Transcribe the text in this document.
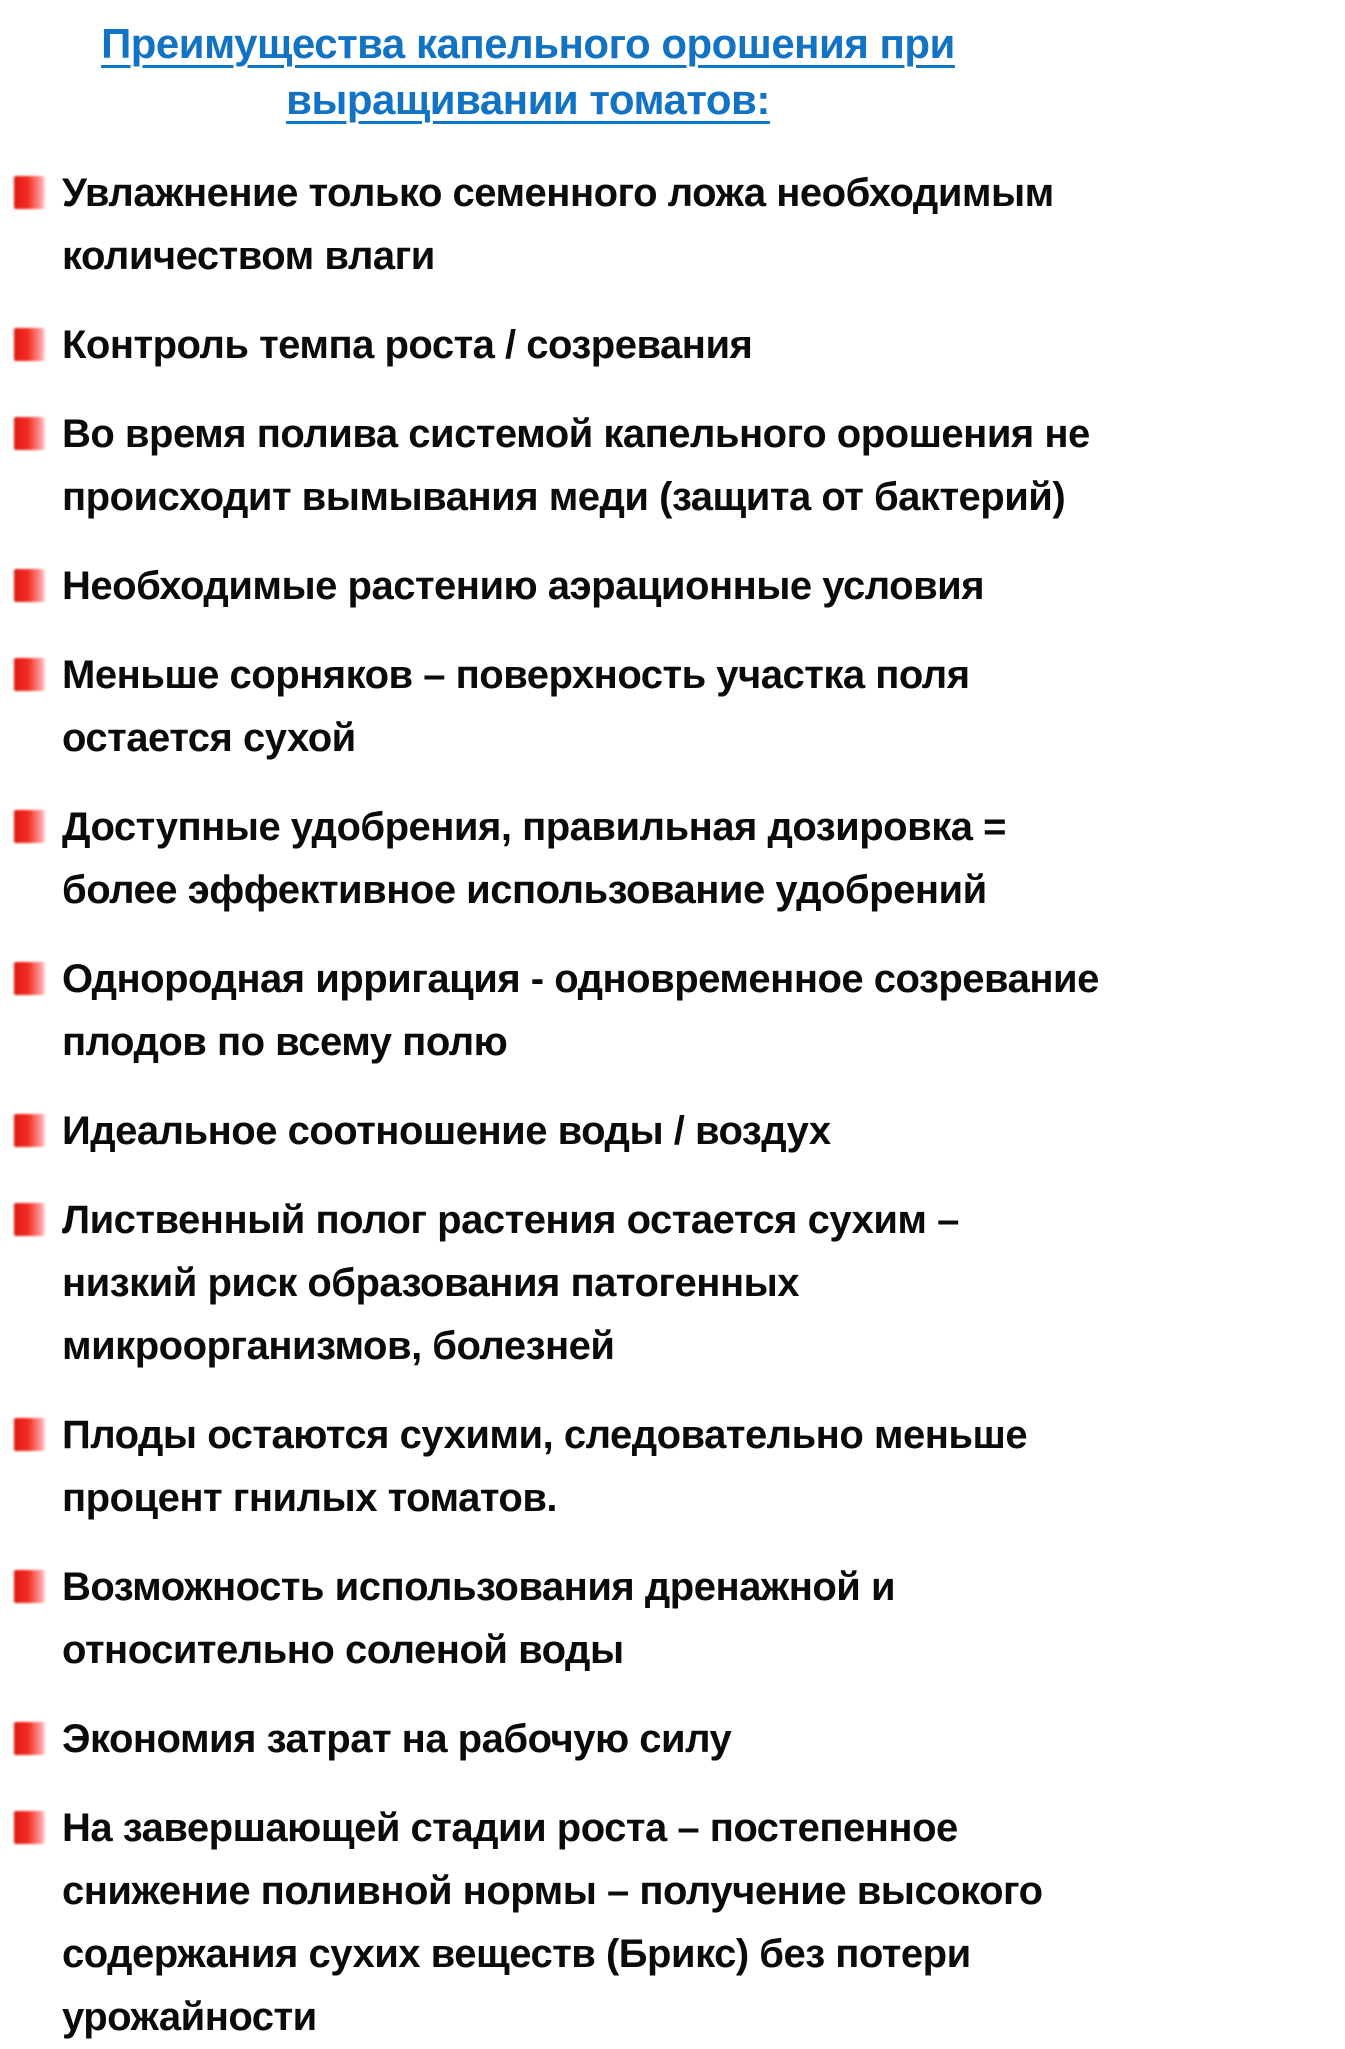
Преимущества капельного орошения при выращивании томатов:
Увлажнение только семенного ложа необходимым количеством влаги
Контроль темпа роста / созревания
Во время полива системой капельного орошения не происходит вымывания меди (защита от бактерий)
Необходимые растению аэрационные условия
Меньше сорняков – поверхность участка поля остается сухой
Доступные удобрения, правильная дозировка = более эффективное использование удобрений
Однородная ирригация - одновременное созревание плодов по всему полю
Идеальное соотношение воды / воздух
Лиственный полог растения остается сухим – низкий риск образования патогенных микроорганизмов, болезней
Плоды остаются сухими, следовательно меньше процент гнилых томатов.
Возможность использования дренажной и относительно соленой воды
Экономия затрат на рабочую силу
На завершающей стадии роста – постепенное снижение поливной нормы – получение высокого содержания сухих веществ (Брикс) без потери урожайности
